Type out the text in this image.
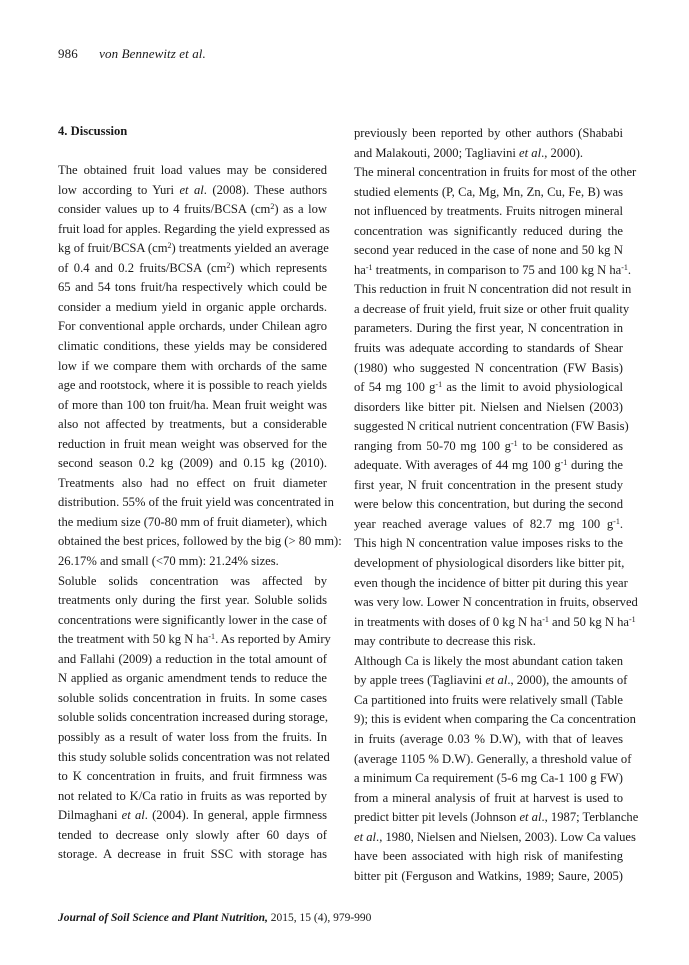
986 von Bennewitz et al.
4. Discussion
The obtained fruit load values may be considered
low according to Yuri et al. (2008). These authors
consider values up to 4 fruits/BCSA $(cm^2)$ as a low
fruit load for apples. Regarding the yield expressed as
kg of fruit/BCSA $(cm^2)$ treatments yielded an average
of 0.4 and 0.2 fruits/BCSA $(cm^2)$ which represents
65 and 54 tons fruit/ha respectively which could be
consider a medium yield in organic apple orchards.
For conventional apple orchards, under Chilean agro
climatic conditions, these yields may be considered
low if we compare them with orchards of the same
age and rootstock, where it is possible to reach yields
of more than 100 ton fruit/ha. Mean fruit weight was
also not affected by treatments, but a considerable
reduction in fruit mean weight was observed for the
second season 0.2 kg (2009) and 0.15 kg (2010).
Treatments also had no effect on fruit diameter
distribution. 55% of the fruit yield was concentrated in
the medium size (70-80 mm of fruit diameter), which
obtained the best prices, followed by the big (> 80 mm):
26.17% and small (<70 mm): 21.24% sizes.
Soluble solids concentration was affected by
treatments only during the first year. Soluble solids
concentrations were significantly lower in the case of
the treatment with 50 kg N $ha^{-1}$. As reported by Amiry
and Fallahi (2009) a reduction in the total amount of
N applied as organic amendment tends to reduce the
soluble solids concentration in fruits. In some cases
soluble solids concentration increased during storage,
possibly as a result of water loss from the fruits. In
this study soluble solids concentration was not related
to K concentration in fruits, and fruit firmness was
not related to K/Ca ratio in fruits as was reported by
Dilmaghani et al. (2004). In general, apple firmness
tended to decrease only slowly after 60 days of
storage. A decrease in fruit SSC with storage has
previously been reported by other authors (Shababi
and Malakouti, 2000; Tagliavini et al., 2000).
The mineral concentration in fruits for most of the other
studied elements (P, Ca, Mg, Mn, Zn, Cu, Fe, B) was
not influenced by treatments. Fruits nitrogen mineral
concentration was significantly reduced during the
second year reduced in the case of none and 50 kg N
$ha^{-1}$ treatments, in comparison to 75 and 100 kg N $ha^{-1}$.
This reduction in fruit N concentration did not result in
a decrease of fruit yield, fruit size or other fruit quality
parameters. During the first year, N concentration in
fruits was adequate according to standards of Shear
(1980) who suggested N concentration (FW Basis)
of 54 mg 100 $g^{-1}$ as the limit to avoid physiological
disorders like bitter pit. Nielsen and Nielsen (2003)
suggested N critical nutrient concentration (FW Basis)
ranging from 50-70 mg 100 $g^{-1}$ to be considered as
adequate. With averages of 44 mg 100 $g^{-1}$ during the
first year, N fruit concentration in the present study
were below this concentration, but during the second
year reached average values of 82.7 mg 100 $g^{-1}$.
This high N concentration value imposes risks to the
development of physiological disorders like bitter pit,
even though the incidence of bitter pit during this year
was very low. Lower N concentration in fruits, observed
in treatments with doses of 0 kg N $ha^{-1}$ and 50 kg N $ha^{-1}$
may contribute to decrease this risk.
Although Ca is likely the most abundant cation taken
by apple trees (Tagliavini et al., 2000), the amounts of
Ca partitioned into fruits were relatively small (Table
9); this is evident when comparing the Ca concentration
in fruits (average 0.03 % D.W), with that of leaves
(average 1105 % D.W). Generally, a threshold value of
a minimum Ca requirement (5-6 mg Ca-1 100 g FW)
from a mineral analysis of fruit at harvest is used to
predict bitter pit levels (Johnson et al., 1987; Terblanche
et al., 1980, Nielsen and Nielsen, 2003). Low Ca values
have been associated with high risk of manifesting
bitter pit (Ferguson and Watkins, 1989; Saure, 2005)
Journal of Soil Science and Plant Nutrition, 2015, 15 (4), 979-990
